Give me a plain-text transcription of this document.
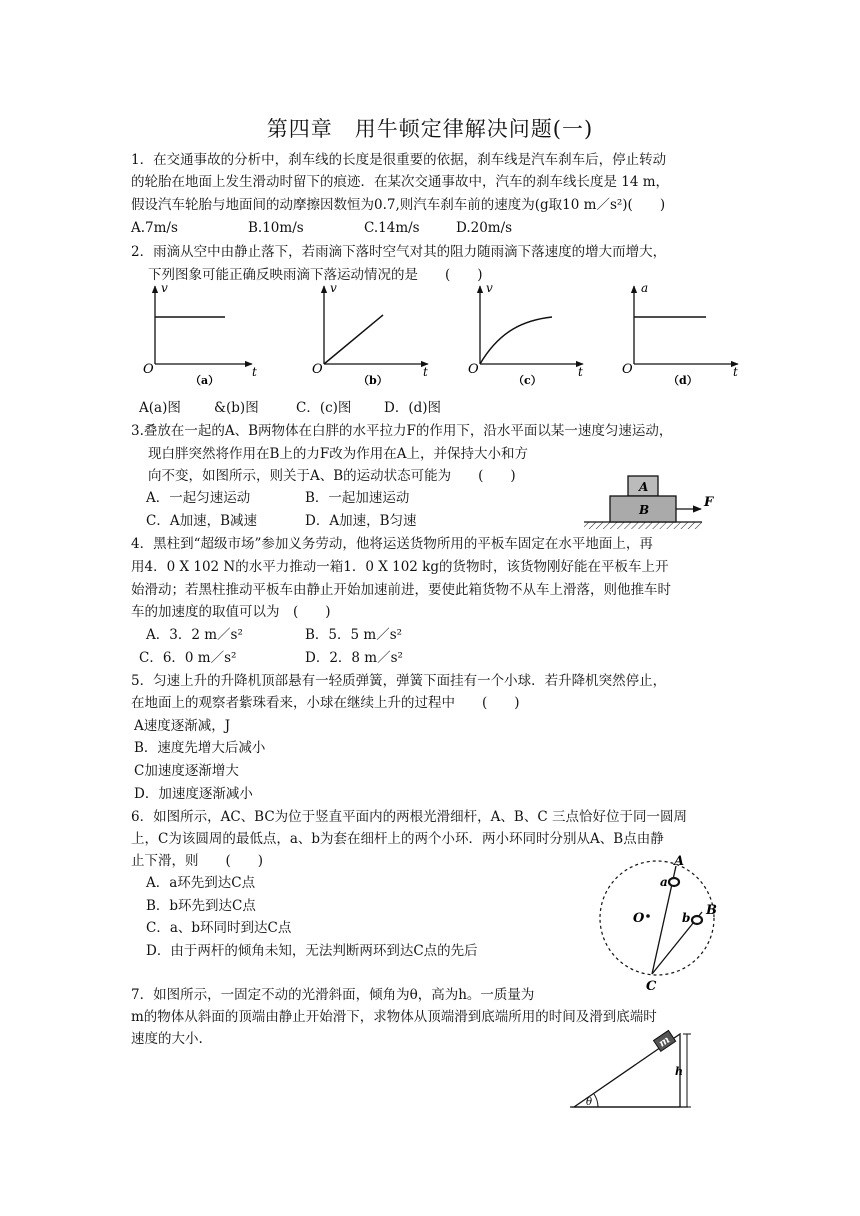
第四章　用牛顿定律解决问题(一)
1．在交通事故的分析中，刹车线的长度是很重要的依据，刹车线是汽车刹车后，停止转动
的轮胎在地面上发生滑动时留下的痕迹．在某次交通事故中，汽车的刹车线长度是 14 m，
假设汽车轮胎与地面间的动摩擦因数恒为0.7,则汽车刹车前的速度为(g取10 m／s²)(　　)
A.7m/s	B.10m/s	C.14m/s	D.20m/s
2．雨滴从空中由静止落下，若雨滴下落时空气对其的阻力随雨滴下落速度的增大而增大，
下列图象可能正确反映雨滴下落运动情况的是　　(　　)
v
t
O
（a）
v
t
O
（b）
v
t
O
（c）
a
t
O
（d）
A(a)图 &(b)图	C．(c)图 D．(d)图
3.叠放在一起的A、B两物体在白胖的水平拉力F的作用下，沿水平面以某一速度匀速运动，
现白胖突然将作用在B上的力F改为作用在A上，并保持大小和方
向不变，如图所示，则关于A、B的运动状态可能为　　(　　)
A．一起匀速运动	B．一起加速运动
C．A加速，B减速	D．A加速，B匀速
A
B	F
4．黑柱到“超级市场”参加义务劳动，他将运送货物所用的平板车固定在水平地面上，再
用4．0 X 102 N的水平力推动一箱1．0 X 102 kg的货物时，该货物刚好能在平板车上开
始滑动；若黑柱推动平板车由静止开始加速前进，要使此箱货物不从车上滑落，则他推车时
车的加速度的取值可以为　(　　)
A．3．2 m／s²	B．5．5 m／s²
C．6．0 m／s²	D．2．8 m／s²
5．匀速上升的升降机顶部悬有一轻质弹簧，弹簧下面挂有一个小球．若升降机突然停止，
在地面上的观察者紫珠看来，小球在继续上升的过程中　　(　　)
A速度逐渐减，J
B．速度先增大后减小
C加速度逐渐增大
D．加速度逐渐减小
6．如图所示，AC、BC为位于竖直平面内的两根光滑细杆，A、B、C 三点恰好位于同一圆周
上，C为该圆周的最低点，a、b为套在细杆上的两个小环．两小环同时分别从A、B点由静
止下滑，则　　(　　)
A．a环先到达C点
B．b环先到达C点
C．a、b环同时到达C点
D．由于两杆的倾角未知，无法判断两环到达C点的先后
A
B
C
O
a
b
7．如图所示，一固定不动的光滑斜面，倾角为θ，高为h。一质量为
m的物体从斜面的顶端由静止开始滑下，求物体从顶端滑到底端所用的时间及滑到底端时
速度的大小.	m
h
θ
